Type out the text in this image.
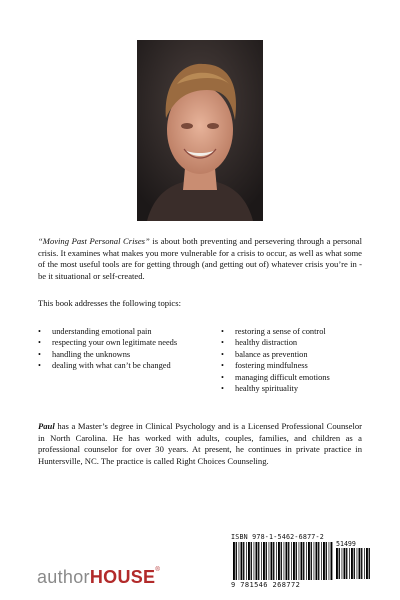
“Moving Past Personal Crises” is about both preventing and persevering through a personal crisis. It examines what makes you more vulnerable for a crisis to occur, as well as what some of the most useful tools are for getting through (and getting out of) whatever crisis you’re in - be it situational or self-created.
This book addresses the following topics:
• understanding emotional pain
• respecting your own legitimate needs
• handling the unknowns
• dealing with what can’t be changed
• restoring a sense of control
• healthy distraction
• balance as prevention
• fostering mindfulness
• managing difficult emotions
• healthy spirituality
Paul has a Master’s degree in Clinical Psychology and is a Licensed Professional Counselor in North Carolina. He has worked with adults, couples, families, and children as a professional counselor for over 30 years. At present, he continues in private practice in Huntersville, NC. The practice is called Right Choices Counseling.
ISBN 978-1-5462-6877-2
51499
9 781546 268772
authorHOUSE®
